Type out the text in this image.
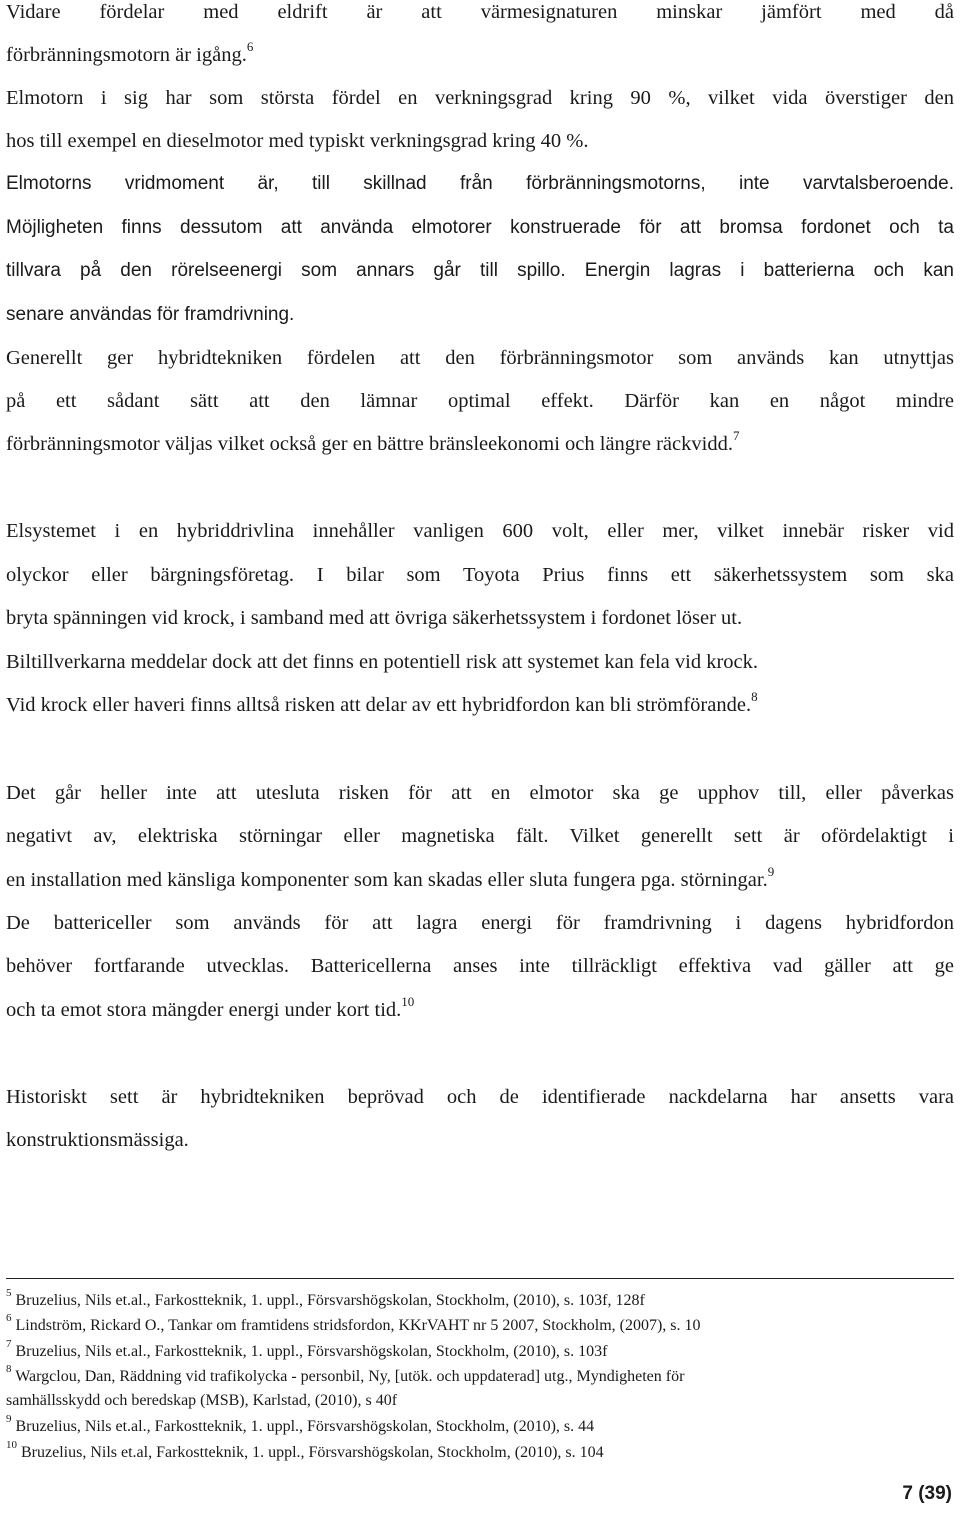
Vidare fördelar med eldrift är att värmesignaturen minskar jämfört med då
förbränningsmotorn är igång.$^6$
Elmotorn i sig har som största fördel en verkningsgrad kring 90 %, vilket vida överstiger den
hos till exempel en dieselmotor med typiskt verkningsgrad kring 40 %.
Elmotorns vridmoment är, till skillnad från förbränningsmotorns, inte varvtalsberoende.
Möjligheten finns dessutom att använda elmotorer konstruerade för att bromsa fordonet och ta
tillvara på den rörelseenergi som annars går till spillo. Energin lagras i batterierna och kan
senare användas för framdrivning.
Generellt ger hybridtekniken fördelen att den förbränningsmotor som används kan utnyttjas
på ett sådant sätt att den lämnar optimal effekt. Därför kan en något mindre
förbränningsmotor väljas vilket också ger en bättre bränsleekonomi och längre räckvidd.$^7$
Elsystemet i en hybriddrivlina innehåller vanligen 600 volt, eller mer, vilket innebär risker vid
olyckor eller bärgningsföretag. I bilar som Toyota Prius finns ett säkerhetssystem som ska
bryta spänningen vid krock, i samband med att övriga säkerhetssystem i fordonet löser ut.
Biltillverkarna meddelar dock att det finns en potentiell risk att systemet kan fela vid krock.
Vid krock eller haveri finns alltså risken att delar av ett hybridfordon kan bli strömförande.$^8$
Det går heller inte att utesluta risken för att en elmotor ska ge upphov till, eller påverkas
negativt av, elektriska störningar eller magnetiska fält. Vilket generellt sett är ofördelaktigt i
en installation med känsliga komponenter som kan skadas eller sluta fungera pga. störningar.$^9$
De battericeller som används för att lagra energi för framdrivning i dagens hybridfordon
behöver fortfarande utvecklas. Battericellerna anses inte tillräckligt effektiva vad gäller att ge
och ta emot stora mängder energi under kort tid.$^{10}$
Historiskt sett är hybridtekniken beprövad och de identifierade nackdelarna har ansetts vara
konstruktionsmässiga.
$^5$ Bruzelius, Nils et.al., Farkostteknik, 1. uppl., Försvarshögskolan, Stockholm, (2010), s. 103f, 128f
$^6$ Lindström, Rickard O., Tankar om framtidens stridsfordon, KKrVAHT nr 5 2007, Stockholm, (2007), s. 10
$^7$ Bruzelius, Nils et.al., Farkostteknik, 1. uppl., Försvarshögskolan, Stockholm, (2010), s. 103f
$^8$ Wargclou, Dan, Räddning vid trafikolycka - personbil, Ny, [utök. och uppdaterad] utg., Myndigheten för
samhällsskydd och beredskap (MSB), Karlstad, (2010), s 40f
$^9$ Bruzelius, Nils et.al., Farkostteknik, 1. uppl., Försvarshögskolan, Stockholm, (2010), s. 44
$^{10}$ Bruzelius, Nils et.al, Farkostteknik, 1. uppl., Försvarshögskolan, Stockholm, (2010), s. 104
7 (39)
